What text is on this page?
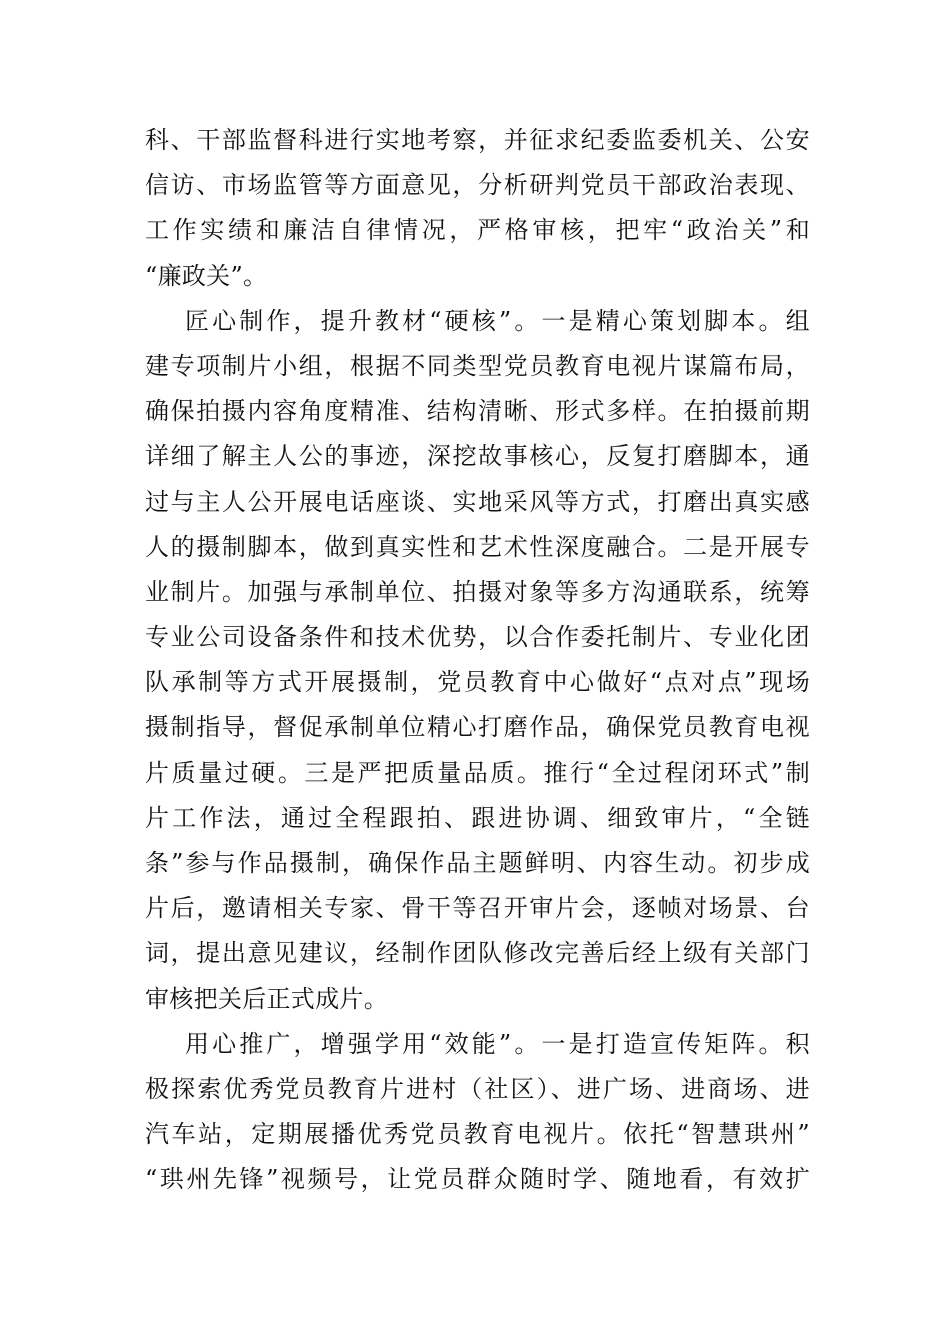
科、干部监督科进行实地考察，并征求纪委监委机关、公安
信访、市场监管等方面意见，分析研判党员干部政治表现、
工作实绩和廉洁自律情况，严格审核，把牢“政治关”和
“廉政关”。
匠心制作，提升教材“硬核”。一是精心策划脚本。组
建专项制片小组，根据不同类型党员教育电视片谋篇布局，
确保拍摄内容角度精准、结构清晰、形式多样。在拍摄前期
详细了解主人公的事迹，深挖故事核心，反复打磨脚本，通
过与主人公开展电话座谈、实地采风等方式，打磨出真实感
人的摄制脚本，做到真实性和艺术性深度融合。二是开展专
业制片。加强与承制单位、拍摄对象等多方沟通联系，统筹
专业公司设备条件和技术优势，以合作委托制片、专业化团
队承制等方式开展摄制，党员教育中心做好“点对点”现场
摄制指导，督促承制单位精心打磨作品，确保党员教育电视
片质量过硬。三是严把质量品质。推行“全过程闭环式”制
片工作法，通过全程跟拍、跟进协调、细致审片，“全链
条”参与作品摄制，确保作品主题鲜明、内容生动。初步成
片后，邀请相关专家、骨干等召开审片会，逐帧对场景、台
词，提出意见建议，经制作团队修改完善后经上级有关部门
审核把关后正式成片。
用心推广，增强学用“效能”。一是打造宣传矩阵。积
极探索优秀党员教育片进村（社区）、进广场、进商场、进
汽车站，定期展播优秀党员教育电视片。依托“智慧珙州”
“珙州先锋”视频号，让党员群众随时学、随地看，有效扩
